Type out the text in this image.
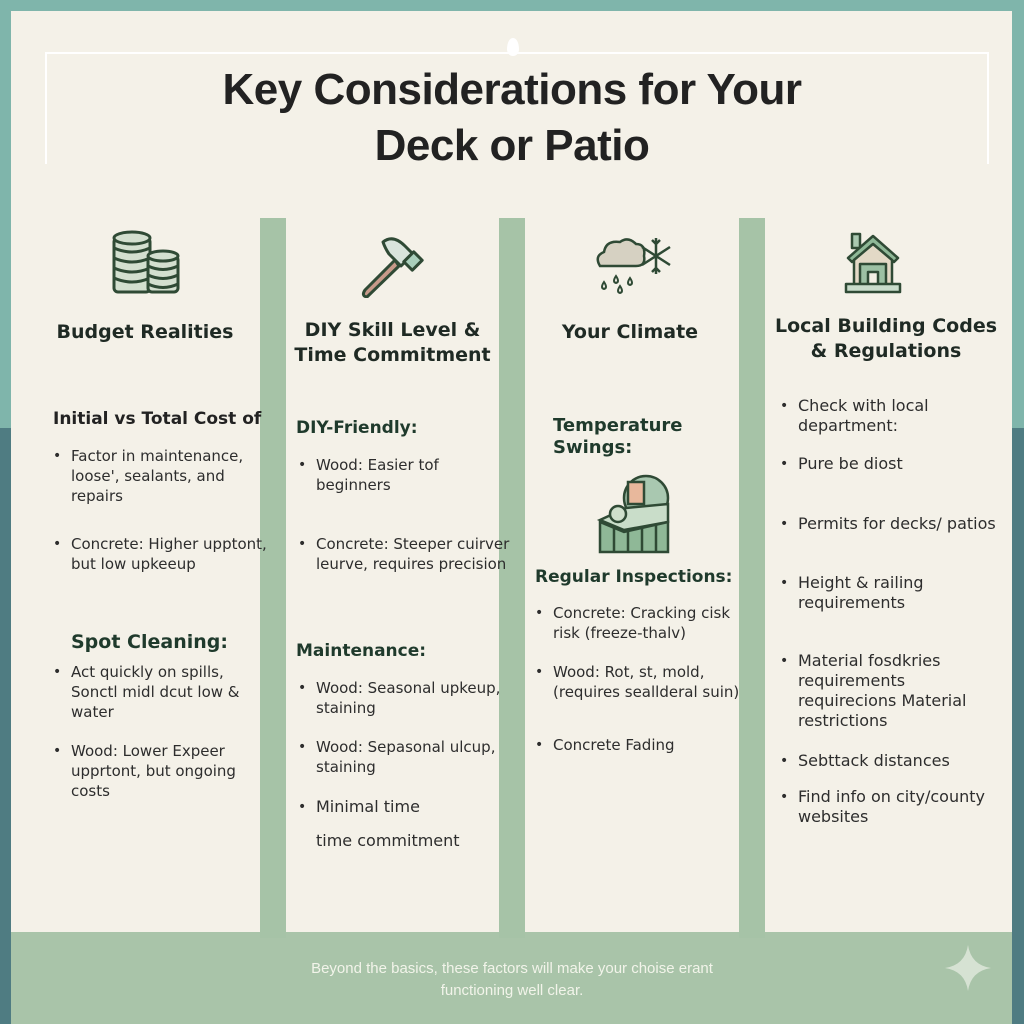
Key Considerations for Your
Deck or Patio
Budget Realities
Initial vs Total Cost of
• Factor in maintenance, loose', sealants, and repairs
• Concrete: Higher upptont, but low upkeeup
Spot Cleaning:
• Act quickly on spills, Sonctl midl dcut low & water
• Wood: Lower Expeer upprtont, but ongoing costs
DIY Skill Level & Time Commitment
DIY-Friendly:
• Wood: Easier tof beginners
• Concrete: Steeper cuirver leurve, requires precision
Maintenance:
• Wood: Seasonal upkeup, staining
• Wood: Sepasonal ulcup, staining
• Minimal time
time commitment
Your Climate
Temperature Swings:
Regular Inspections:
• Concrete: Cracking cisk risk (freeze-thalv)
• Wood: Rot, st, mold, (requires seallderal suin)
• Concrete Fading
Local Building Codes & Regulations
• Check with local department:
• Pure be diost
• Permits for decks/ patios
• Height & railing requirements
• Material fosdkries requirements requirecions Material restrictions
• Sebttack distances
• Find info on city/county websites
Beyond the basics, these factors will make your choise erant
functioning well clear.
